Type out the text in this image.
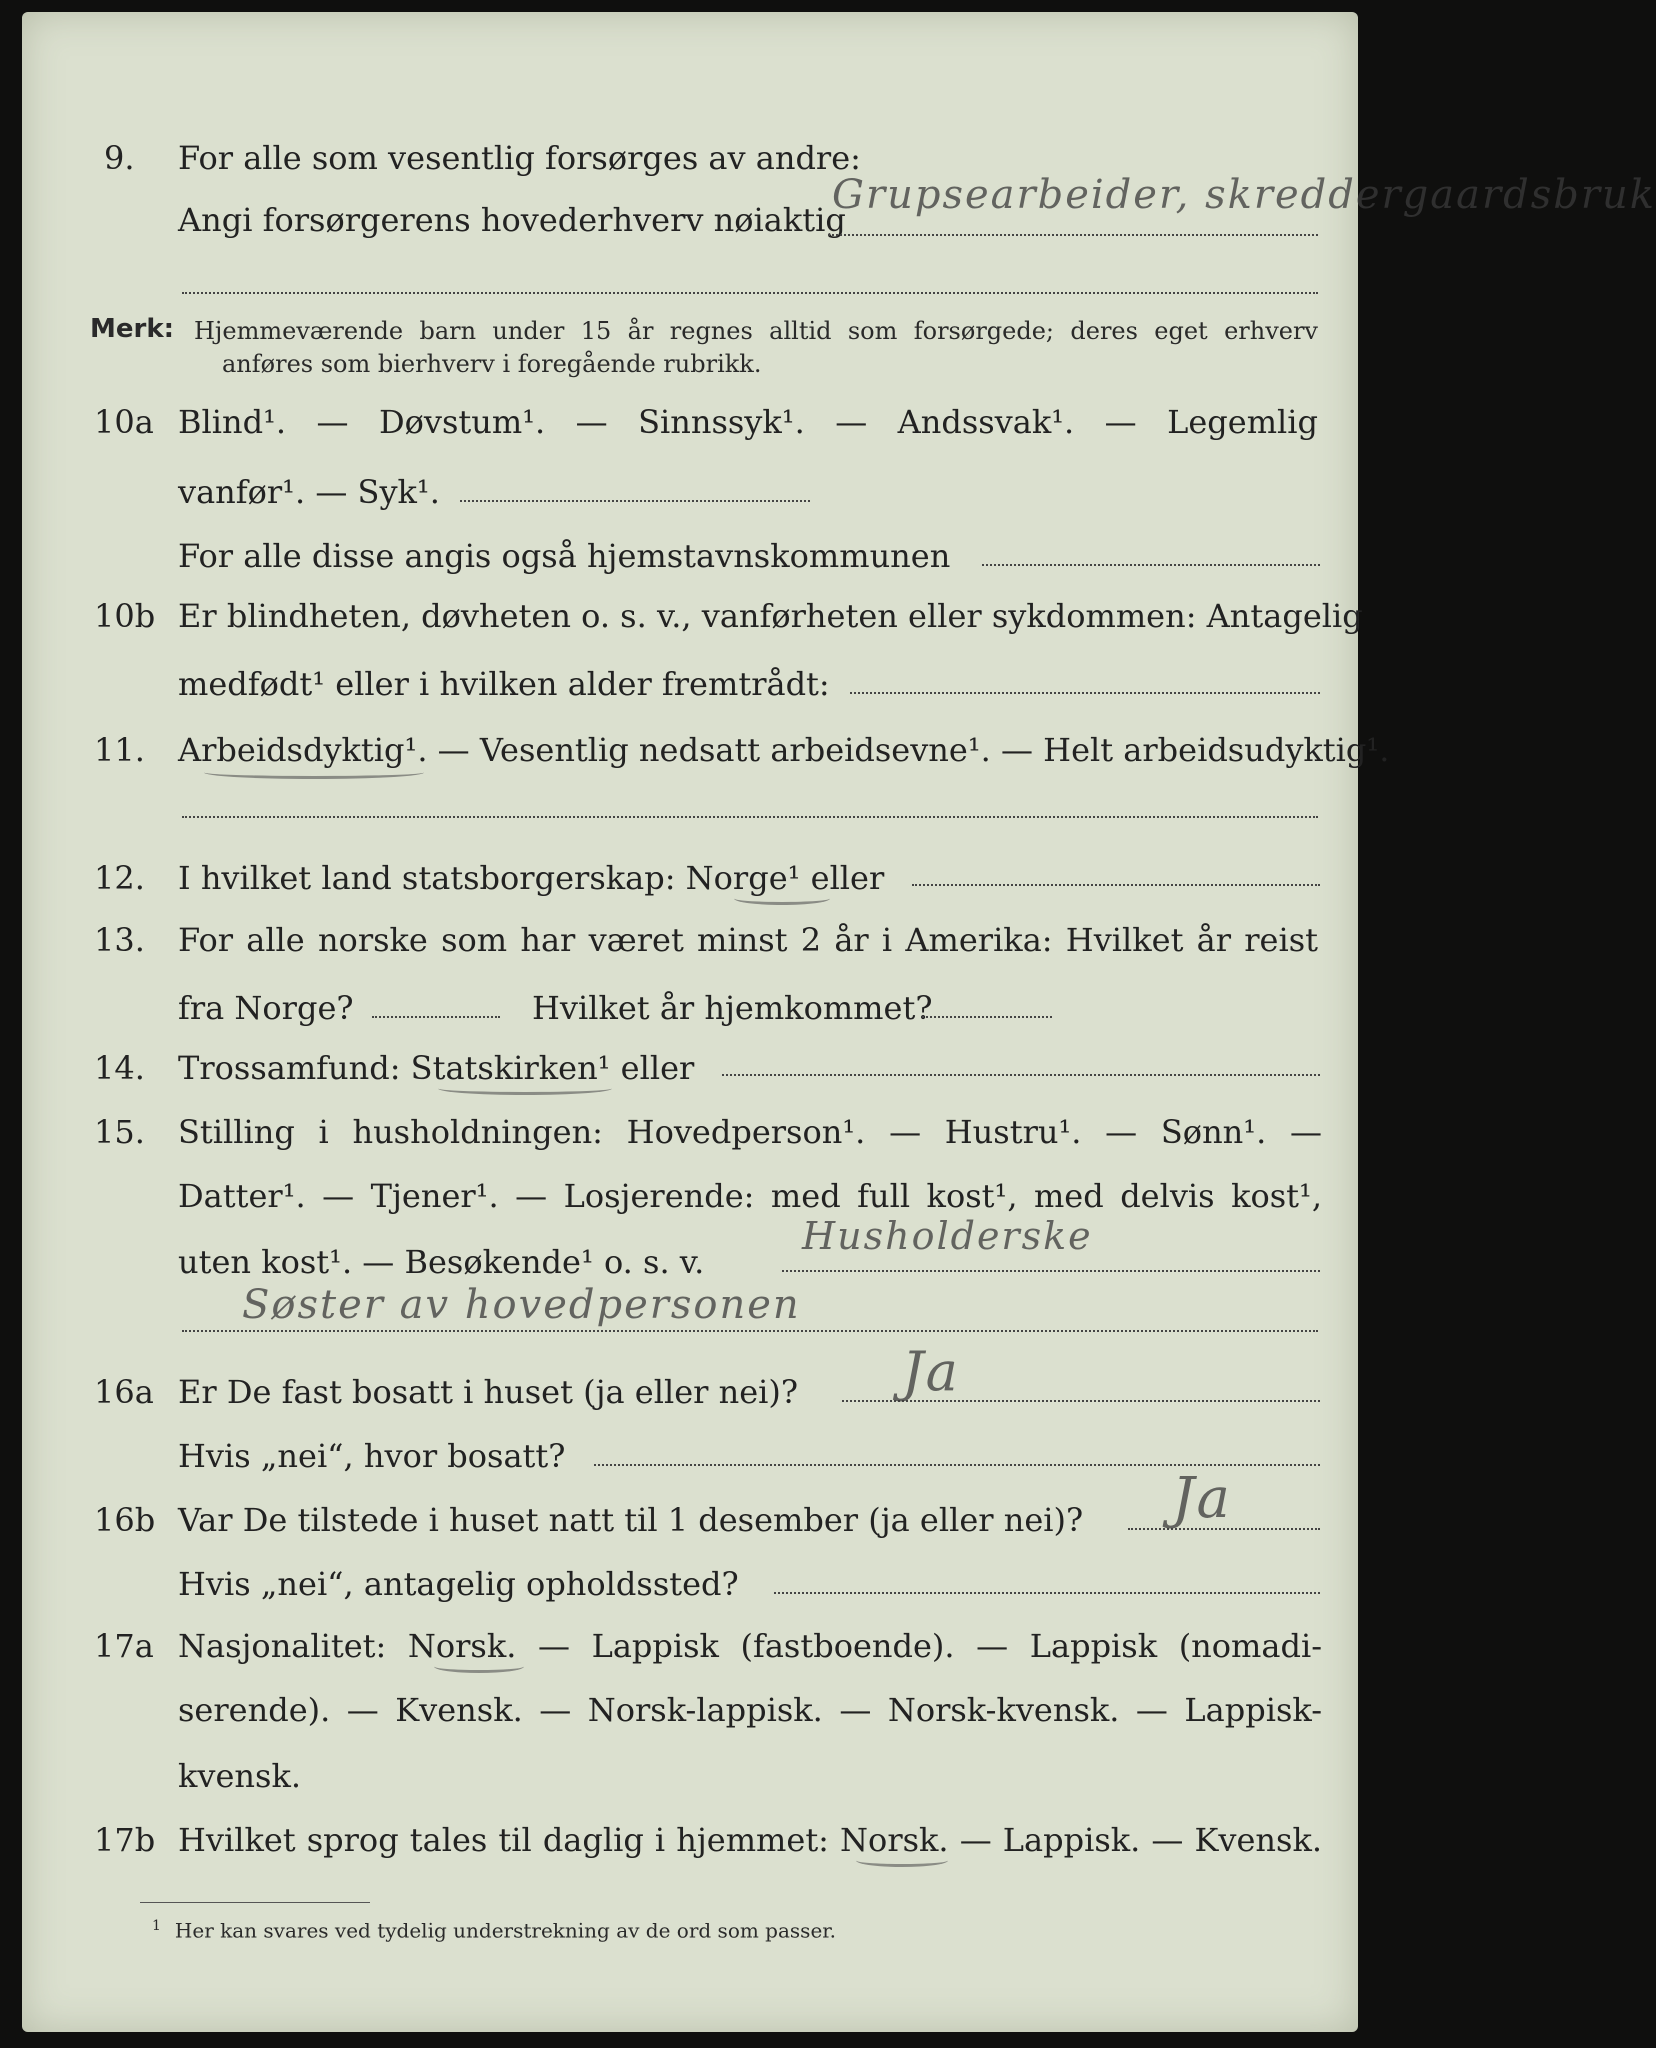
9. For alle som vesentlig forsørges av andre:
Angi forsørgerens hovederhverv nøiaktig
Grupsearbeider, skreddergaardsbruk
Merk: Hjemmeværende barn under 15 år regnes alltid som forsørgede; deres eget erhverv
anføres som bierhverv i foregående rubrikk.
10a Blind¹. — Døvstum¹. — Sinnssyk¹. — Andssvak¹. — Legemlig
vanfør¹. — Syk¹.
For alle disse angis også hjemstavnskommunen
10b Er blindheten, døvheten o. s. v., vanførheten eller sykdommen: Antagelig
medfødt¹ eller i hvilken alder fremtrådt:
11. Arbeidsdyktig¹. — Vesentlig nedsatt arbeidsevne¹. — Helt arbeidsudyktig¹.
12. I hvilket land statsborgerskap: Norge¹ eller
13. For alle norske som har været minst 2 år i Amerika: Hvilket år reist
fra Norge?	Hvilket år hjemkommet?
14. Trossamfund: Statskirken¹ eller
15. Stilling i husholdningen: Hovedperson¹. — Hustru¹. — Sønn¹. —
Datter¹. — Tjener¹. — Losjerende: med full kost¹, med delvis kost¹,
uten kost¹. — Besøkende¹ o. s. v.
Husholderske
Søster av hovedpersonen
16a Er De fast bosatt i huset (ja eller nei)? Ja
Hvis „nei“, hvor bosatt?
16b Var De tilstede i huset natt til 1 desember (ja eller nei)? Ja
Hvis „nei“, antagelig opholdssted?
17a Nasjonalitet: Norsk. — Lappisk (fastboende). — Lappisk (nomadi-
serende). — Kvensk. — Norsk-lappisk. — Norsk-kvensk. — Lappisk-
kvensk.
17b Hvilket sprog tales til daglig i hjemmet: Norsk. — Lappisk. — Kvensk.
$^1$ Her kan svares ved tydelig understrekning av de ord som passer.
